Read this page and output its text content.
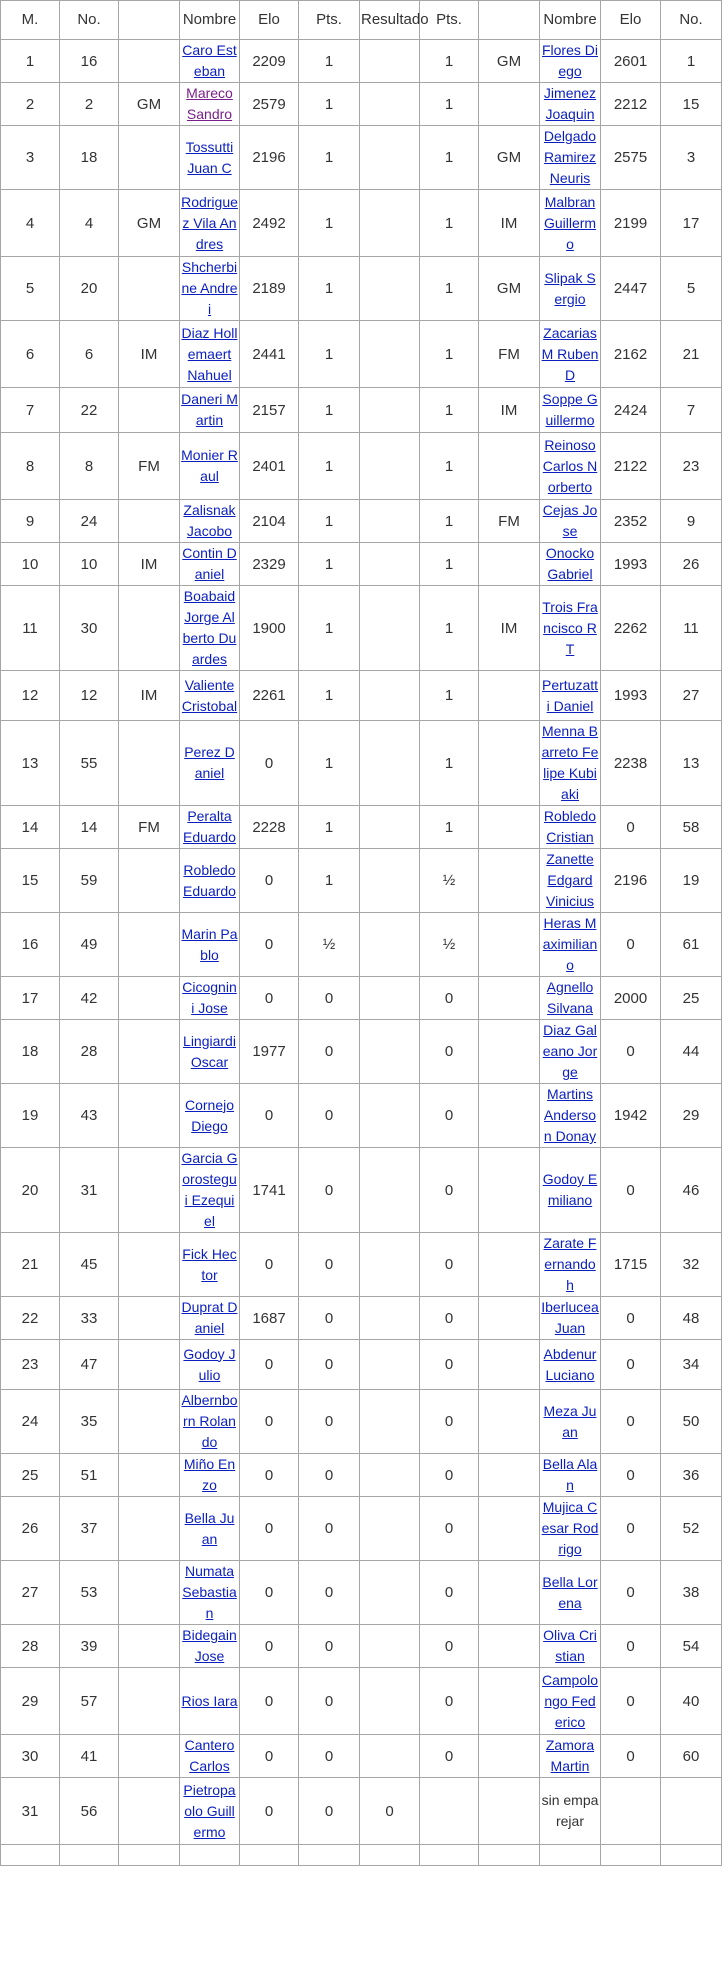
M.	No.		Nombre	Elo	Pts.	Resultado	Pts.		Nombre	Elo	No.
1	16		Caro Esteban	2209	1		1	GM	Flores Diego	2601	1
2	2	GM	Mareco Sandro	2579	1		1		Jimenez Joaquin	2212	15
3	18		Tossutti Juan C	2196	1		1	GM	Delgado Ramirez Neuris	2575	3
4	4	GM	Rodriguez Vila Andres	2492	1		1	IM	Malbran Guillermo	2199	17
5	20		Shcherbine Andrei	2189	1		1	GM	Slipak Sergio	2447	5
6	6	IM	Diaz Hollemaert Nahuel	2441	1		1	FM	Zacarias M Ruben D	2162	21
7	22		Daneri Martin	2157	1		1	IM	Soppe Guillermo	2424	7
8	8	FM	Monier Raul	2401	1		1		Reinoso Carlos Norberto	2122	23
9	24		Zalisnak Jacobo	2104	1		1	FM	Cejas Jose	2352	9
10	10	IM	Contin Daniel	2329	1		1		Onocko Gabriel	1993	26
11	30		Boabaid Jorge Alberto Duardes	1900	1		1	IM	Trois Francisco R T	2262	11
12	12	IM	Valiente Cristobal	2261	1		1		Pertuzatti Daniel	1993	27
13	55		Perez Daniel	0	1		1		Menna Barreto Felipe Kubiaki	2238	13
14	14	FM	Peralta Eduardo	2228	1		1		Robledo Cristian	0	58
15	59		Robledo Eduardo	0	1		½		Zanette Edgard Vinicius	2196	19
16	49		Marin Pablo	0	½		½		Heras Maximiliano	0	61
17	42		Cicognini Jose	0	0		0		Agnello Silvana	2000	25
18	28		Lingiardi Oscar	1977	0		0		Diaz Galeano Jorge	0	44
19	43		Cornejo Diego	0	0		0		Martins Anderson Donay	1942	29
20	31		Garcia Gorostegui Ezequiel	1741	0		0		Godoy Emiliano	0	46
21	45		Fick Hector	0	0		0		Zarate Fernandoh	1715	32
22	33		Duprat Daniel	1687	0		0		Iberlucea Juan	0	48
23	47		Godoy Julio	0	0		0		Abdenur Luciano	0	34
24	35		Albernborn Rolando	0	0		0		Meza Juan	0	50
25	51		Miño Enzo	0	0		0		Bella Alan	0	36
26	37		Bella Juan	0	0		0		Mujica Cesar Rodrigo	0	52
27	53		Numata Sebastian	0	0		0		Bella Lorena	0	38
28	39		Bidegain Jose	0	0		0		Oliva Cristian	0	54
29	57		Rios Iara	0	0		0		Campolongo Federico	0	40
30	41		Cantero Carlos	0	0		0		Zamora Martin	0	60
31	56		Pietropaolo Guillermo	0	0	0			sin emparejar		
